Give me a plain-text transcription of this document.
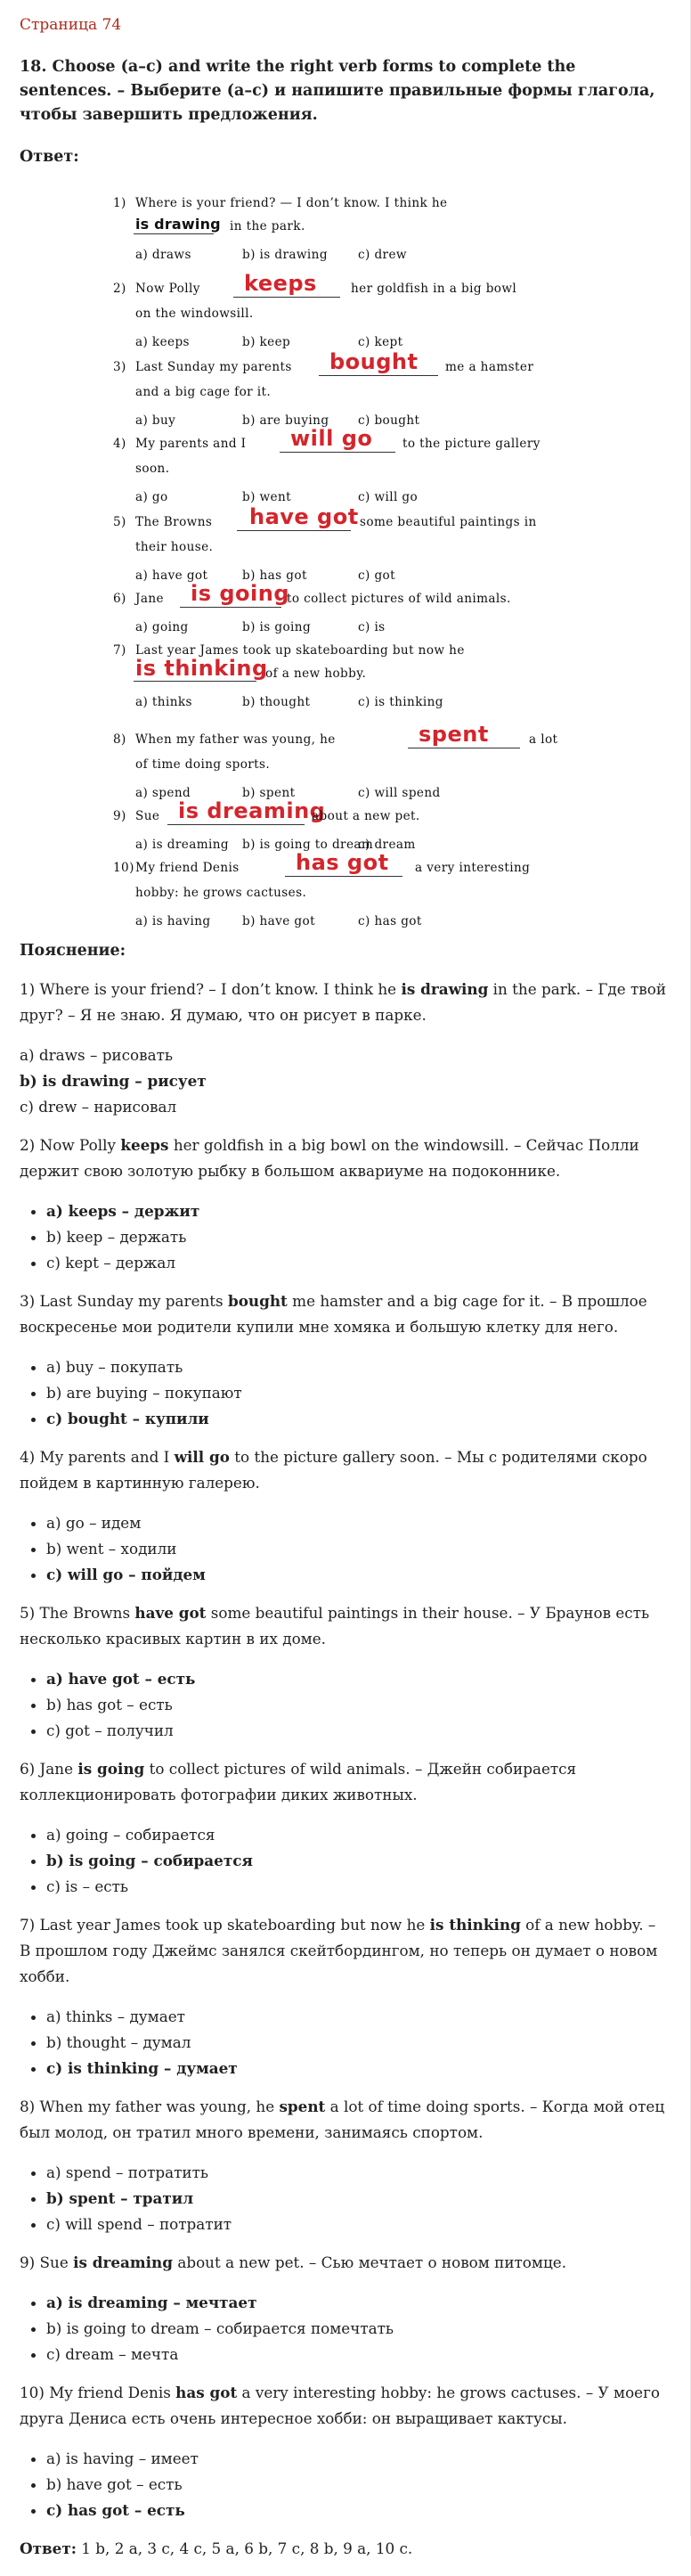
Страница 74

18. Choose (a–c) and write the right verb forms to complete the sentences. – Выберите (a–c) и напишите правильные формы глагола, чтобы завершить предложения.

Ответ:

1) Where is your friend? — I don’t know. I think he
is drawing in the park.
a) draws	b) is drawing	c) drew
2) Now Polly keeps	her goldfish in a big bowl
on the windowsill.
a) keeps	b) keep	c) kept
3) Last Sunday my parents bought me a hamster
and a big cage for it.
a) buy	b) are buying c) bought
4) My parents and I will go to the picture gallery
soon.
a) go	b) went	c) will go
5) The Browns have got some beautiful paintings in
their house.
a) have got	b) has got	c) got
6) Jane is going
to collect pictures of wild animals.
a) going	b) is going	c) is
7) Last year James took up skateboarding but now he
is thinking
of a new hobby.
a) thinks	b) thought	c) is thinking
8) When my father was young, he	spent	a lot
of time doing sports.
a) spend	b) spent	c) will spend
9) Sue is dreaming
about a new pet.
a) is dreaming b) is going to dream
c) dream
10) My friend Denis	has got a very interesting
hobby: he grows cactuses.
a) is having	b) have got	c) has got

Пояснение:

1) Where is your friend? – I don’t know. I think he is drawing in the park. – Где твой друг? – Я не знаю. Я думаю, что он рисует в парке.

a) draws – рисовать
b) is drawing – рисует
c) drew – нарисовал

2) Now Polly keeps her goldfish in a big bowl on the windowsill. – Сейчас Полли держит свою золотую рыбку в большом аквариуме на подоконнике.

• a) keeps – держит
• b) keep – держать
• c) kept – держал

3) Last Sunday my parents bought me hamster and a big cage for it. – В прошлое воскресенье мои родители купили мне хомяка и большую клетку для него.

• a) buy – покупать
• b) are buying – покупают
• c) bought – купили

4) My parents and I will go to the picture gallery soon. – Мы с родителями скоро пойдем в картинную галерею.

• a) go – идем
• b) went – ходили
• c) will go – пойдем

5) The Browns have got some beautiful paintings in their house. – У Браунов есть несколько красивых картин в их доме.

• a) have got – есть
• b) has got – есть
• c) got – получил

6) Jane is going to collect pictures of wild animals. – Джейн собирается коллекционировать фотографии диких животных.

• a) going – собирается
• b) is going – собирается
• c) is – есть

7) Last year James took up skateboarding but now he is thinking of a new hobby. – В прошлом году Джеймс занялся скейтбордингом, но теперь он думает о новом хобби.

• a) thinks – думает
• b) thought – думал
• c) is thinking – думает

8) When my father was young, he spent a lot of time doing sports. – Когда мой отец был молод, он тратил много времени, занимаясь спортом.

• a) spend – потратить
• b) spent – тратил
• c) will spend – потратит

9) Sue is dreaming about a new pet. – Сью мечтает о новом питомце.

• a) is dreaming – мечтает
• b) is going to dream – собирается помечтать
• c) dream – мечта

10) My friend Denis has got a very interesting hobby: he grows cactuses. – У моего друга Дениса есть очень интересное хобби: он выращивает кактусы.

• a) is having – имеет
• b) have got – есть
• c) has got – есть

Ответ: 1 b, 2 a, 3 c, 4 c, 5 a, 6 b, 7 c, 8 b, 9 a, 10 c.
